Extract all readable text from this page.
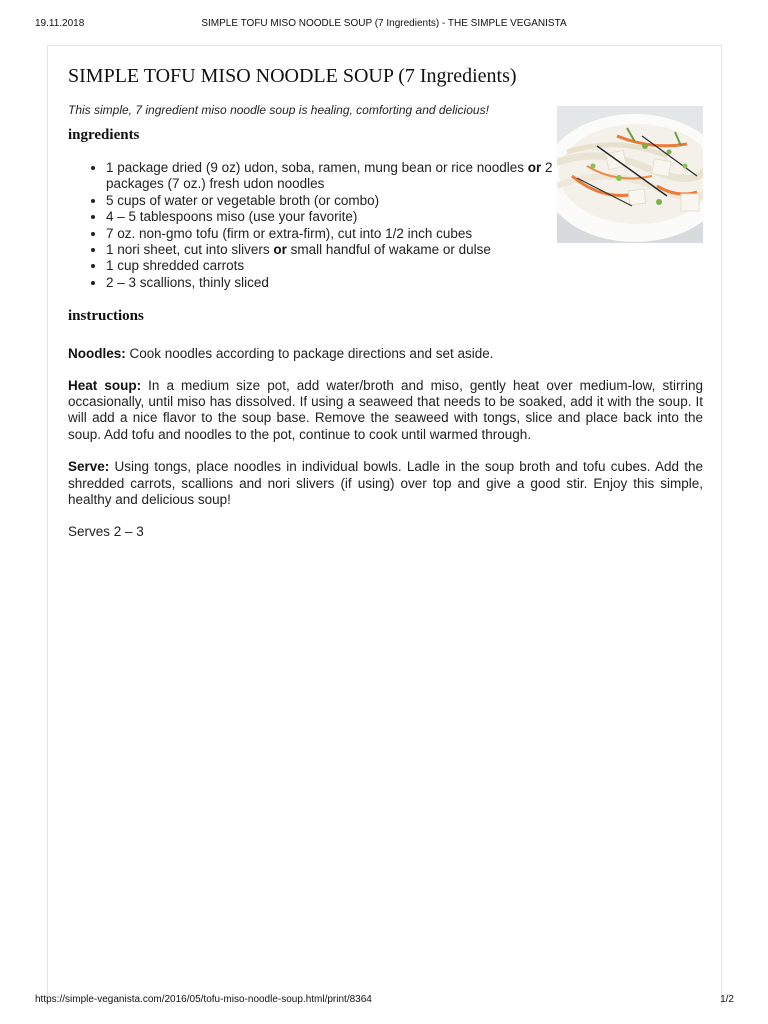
19.11.2018	SIMPLE TOFU MISO NOODLE SOUP (7 Ingredients) - THE SIMPLE VEGANISTA
SIMPLE TOFU MISO NOODLE SOUP (7 Ingredients)

This simple, 7 ingredient miso noodle soup is healing, comforting and delicious!

ingredients
• 1 package dried (9 oz) udon, soba, ramen, mung bean or rice noodles or 2 packages (7 oz.) fresh udon noodles
• 5 cups of water or vegetable broth (or combo)
• 4 – 5 tablespoons miso (use your favorite)
• 7 oz. non-gmo tofu (firm or extra-firm), cut into 1/2 inch cubes
• 1 nori sheet, cut into slivers or small handful of wakame or dulse
• 1 cup shredded carrots
• 2 – 3 scallions, thinly sliced
instructions

Noodles: Cook noodles according to package directions and set aside.

Heat soup: In a medium size pot, add water/broth and miso, gently heat over medium-low, stirring occasionally, until miso has dissolved. If using a seaweed that needs to be soaked, add it with the soup. It will add a nice flavor to the soup base. Remove the seaweed with tongs, slice and place back into the soup. Add tofu and noodles to the pot, continue to cook until warmed through.

Serve: Using tongs, place noodles in individual bowls. Ladle in the soup broth and tofu cubes. Add the shredded carrots, scallions and nori slivers (if using) over top and give a good stir. Enjoy this simple, healthy and delicious soup!

Serves 2 – 3

https://simple-veganista.com/2016/05/tofu-miso-noodle-soup.html/print/8364	1/2
